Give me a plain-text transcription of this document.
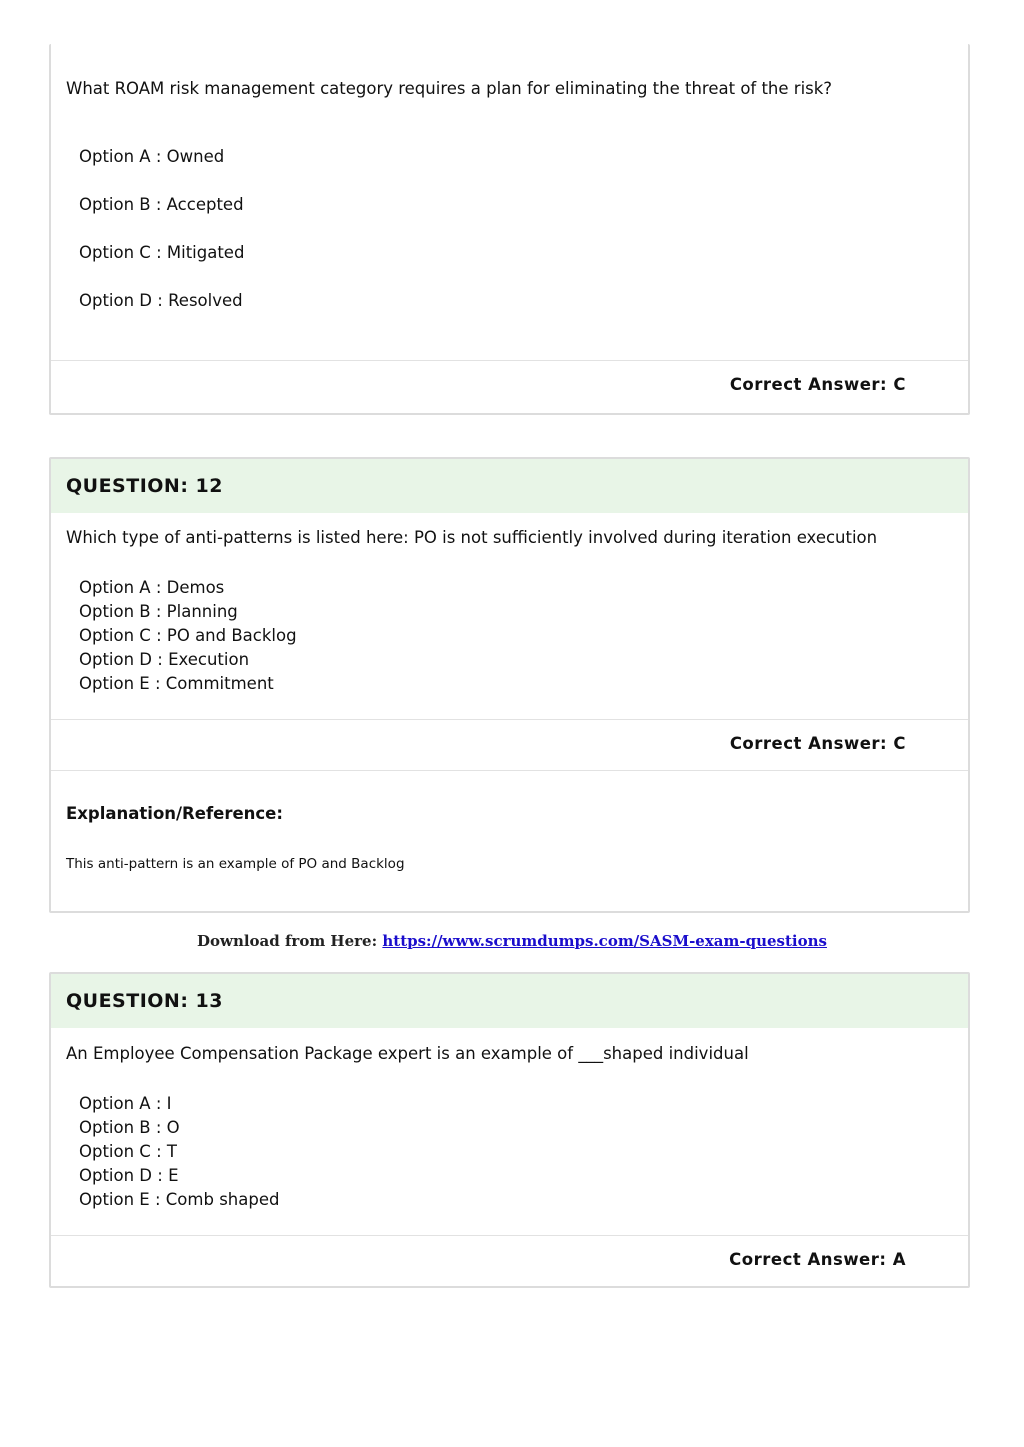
What ROAM risk management category requires a plan for eliminating the threat of the risk?
Option A : Owned
Option B : Accepted
Option C : Mitigated
Option D : Resolved
Correct Answer: C
QUESTION: 12
Which type of anti-patterns is listed here: PO is not sufficiently involved during iteration execution
Option A : Demos
Option B : Planning
Option C : PO and Backlog
Option D : Execution
Option E : Commitment
Correct Answer: C
Explanation/Reference:
This anti-pattern is an example of PO and Backlog
Download from Here: https://www.scrumdumps.com/SASM-exam-questions
QUESTION: 13
An Employee Compensation Package expert is an example of ___shaped individual
Option A : I
Option B : O
Option C : T
Option D : E
Option E : Comb shaped
Correct Answer: A
